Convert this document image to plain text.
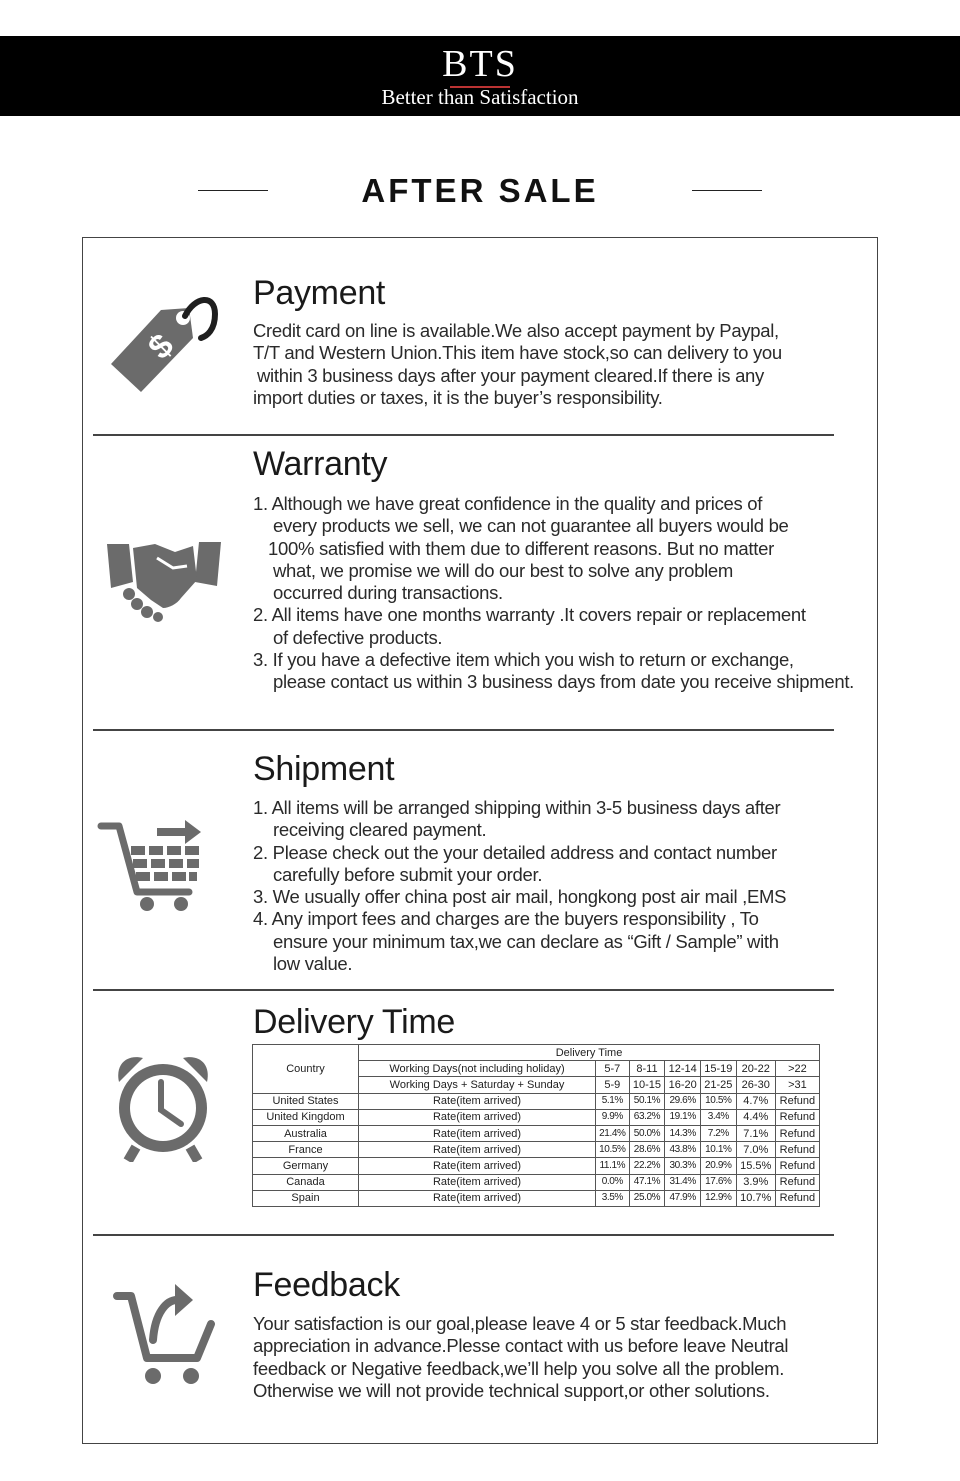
BTS
Better than Satisfaction
AFTER SALE
$
Payment

Credit card on line is available.We also accept payment by Paypal,

T/T and Western Union.This item have stock,so can delivery to you

within 3 business days after your payment cleared.If there is any

import duties or taxes, it is the buyer’s responsibility.

Warranty

1. Although we have great confidence in the quality and prices of

every products we sell, we can not guarantee all buyers would be

100% satisfied with them due to different reasons. But no matter

what, we promise we will do our best to solve any problem

occurred during transactions.

2. All items have one months warranty .It covers repair or replacement

of defective products.

3. If you have a defective item which you wish to return or exchange,

please contact us within 3 business days from date you receive shipment.

Shipment

1. All items will be arranged shipping within 3-5 business days after

receiving cleared payment.

2. Please check out the your detailed address and contact number

carefully before submit your order.

3. We usually offer china post air mail, hongkong post air mail ,EMS

4. Any import fees and charges are the buyers responsibility , To

ensure your minimum tax,we can declare as “Gift / Sample” with

low value.

Delivery Time
Country	Delivery Time						
	Working Days(not including holiday)	5-7	8-11	12-14	15-19	20-22	>22
	Working Days + Saturday + Sunday	5-9	10-15	16-20	21-25	26-30	>31
United States	Rate(item arrived)	5.1%	50.1%	29.6%	10.5%	4.7%	Refund
United Kingdom	Rate(item arrived)	9.9%	63.2%	19.1%	3.4%	4.4%	Refund
Australia	Rate(item arrived)	21.4%	50.0%	14.3%	7.2%	7.1%	Refund
France	Rate(item arrived)	10.5%	28.6%	43.8%	10.1%	7.0%	Refund
Germany	Rate(item arrived)	11.1%	22.2%	30.3%	20.9%	15.5%	Refund
Canada	Rate(item arrived)	0.0%	47.1%	31.4%	17.6%	3.9%	Refund
Spain	Rate(item arrived)	3.5%	25.0%	47.9%	12.9%	10.7%	Refund
Feedback

Your satisfaction is our goal,please leave 4 or 5 star feedback.Much

appreciation in advance.Plesse contact with us before leave Neutral

feedback or Negative feedback,we’ll help you solve all the problem.

Otherwise we will not provide technical support,or other solutions.
